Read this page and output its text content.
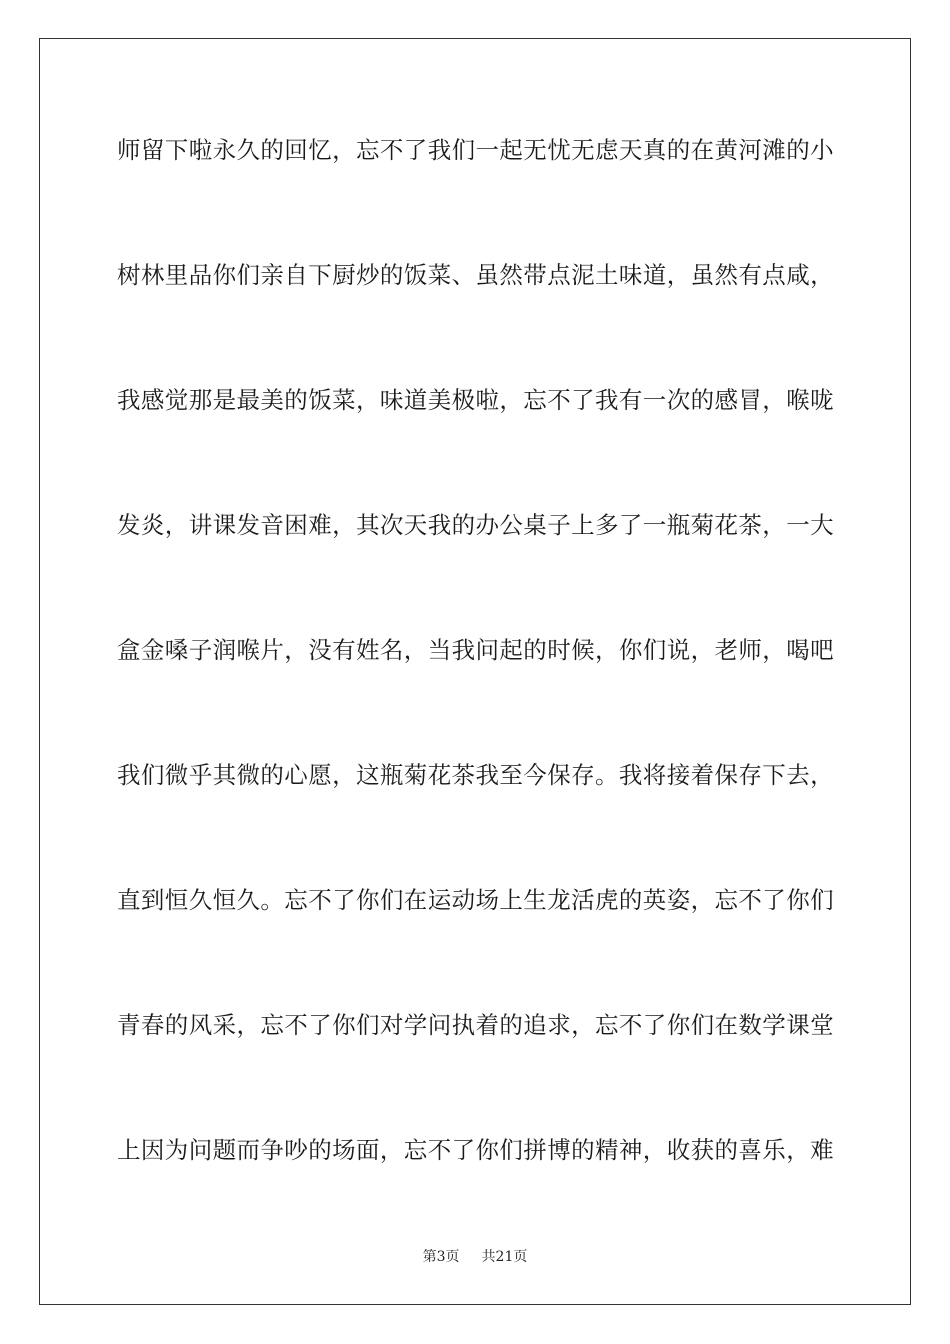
师留下啦永久的回忆，忘不了我们一起无忧无虑天真的在黄河滩的小
树林里品你们亲自下厨炒的饭菜、虽然带点泥土味道，虽然有点咸，
我感觉那是最美的饭菜，味道美极啦，忘不了我有一次的感冒，喉咙
发炎，讲课发音困难，其次天我的办公桌子上多了一瓶菊花茶，一大
盒金嗓子润喉片，没有姓名，当我问起的时候，你们说，老师，喝吧
我们微乎其微的心愿，这瓶菊花茶我至今保存。我将接着保存下去，
直到恒久恒久。忘不了你们在运动场上生龙活虎的英姿，忘不了你们
青春的风采，忘不了你们对学问执着的追求，忘不了你们在数学课堂
上因为问题而争吵的场面，忘不了你们拼博的精神，收获的喜乐，难
第3页 共21页
